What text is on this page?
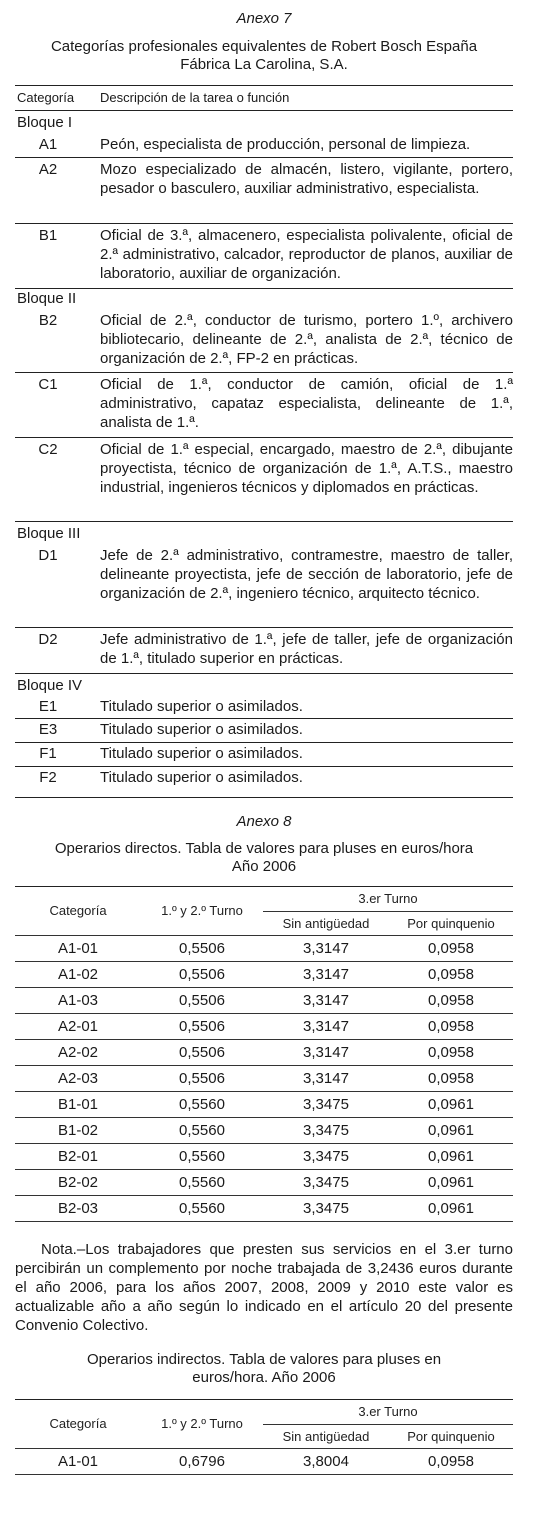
Anexo 7
Categorías profesionales equivalentes de Robert Bosch España
Fábrica La Carolina, S.A.
Categoría Descripción de la tarea o función
Bloque I
A1	Peón, especialista de producción, personal de limpieza.
A2	Mozo especializado de almacén, listero, vigilante, portero, pesador o basculero, auxiliar administrativo, especialista.
B1	Oficial de 3.ª, almacenero, especialista polivalente, oficial de 2.ª administrativo, calcador, reproductor de planos, auxiliar de laboratorio, auxiliar de organización.
Bloque II
B2	Oficial de 2.ª, conductor de turismo, portero 1.º, archivero bibliotecario, delineante de 2.ª, analista de 2.ª, técnico de organización de 2.ª, FP-2 en prácticas.
C1	Oficial de 1.ª, conductor de camión, oficial de 1.ª administrativo, capataz especialista, delineante de 1.ª, analista de 1.ª.
C2	Oficial de 1.ª especial, encargado, maestro de 2.ª, dibujante proyectista, técnico de organización de 1.ª, A.T.S., maestro industrial, ingenieros técnicos y diplomados en prácticas.
Bloque III
D1	Jefe de 2.ª administrativo, contramestre, maestro de taller, delineante proyectista, jefe de sección de laboratorio, jefe de organización de 2.ª, ingeniero técnico, arquitecto técnico.
D2	Jefe administrativo de 1.ª, jefe de taller, jefe de organización de 1.ª, titulado superior en prácticas.
Bloque IV
E1	Titulado superior o asimilados.
E3	Titulado superior o asimilados.
F1	Titulado superior o asimilados.
F2	Titulado superior o asimilados.
Anexo 8
Operarios directos. Tabla de valores para pluses en euros/hora
Año 2006
Categoría	1.º y 2.º Turno	3.er Turno	
		Sin antigüedad	Por quinquenio
A1-01	0,5506	3,3147	0,0958
A1-02	0,5506	3,3147	0,0958
A1-03	0,5506	3,3147	0,0958
A2-01	0,5506	3,3147	0,0958
A2-02	0,5506	3,3147	0,0958
A2-03	0,5506	3,3147	0,0958
B1-01	0,5560	3,3475	0,0961
B1-02	0,5560	3,3475	0,0961
B2-01	0,5560	3,3475	0,0961
B2-02	0,5560	3,3475	0,0961
B2-03	0,5560	3,3475	0,0961
Nota.–Los trabajadores que presten sus servicios en el 3.er turno percibirán un complemento por noche trabajada de 3,2436 euros durante el año 2006, para los años 2007, 2008, 2009 y 2010 este valor es actualizable año a año según lo indicado en el artículo 20 del presente Convenio Colectivo.
Operarios indirectos. Tabla de valores para pluses en
euros/hora. Año 2006
Categoría	1.º y 2.º Turno	3.er Turno	
		Sin antigüedad	Por quinquenio
A1-01	0,6796	3,8004	0,0958
